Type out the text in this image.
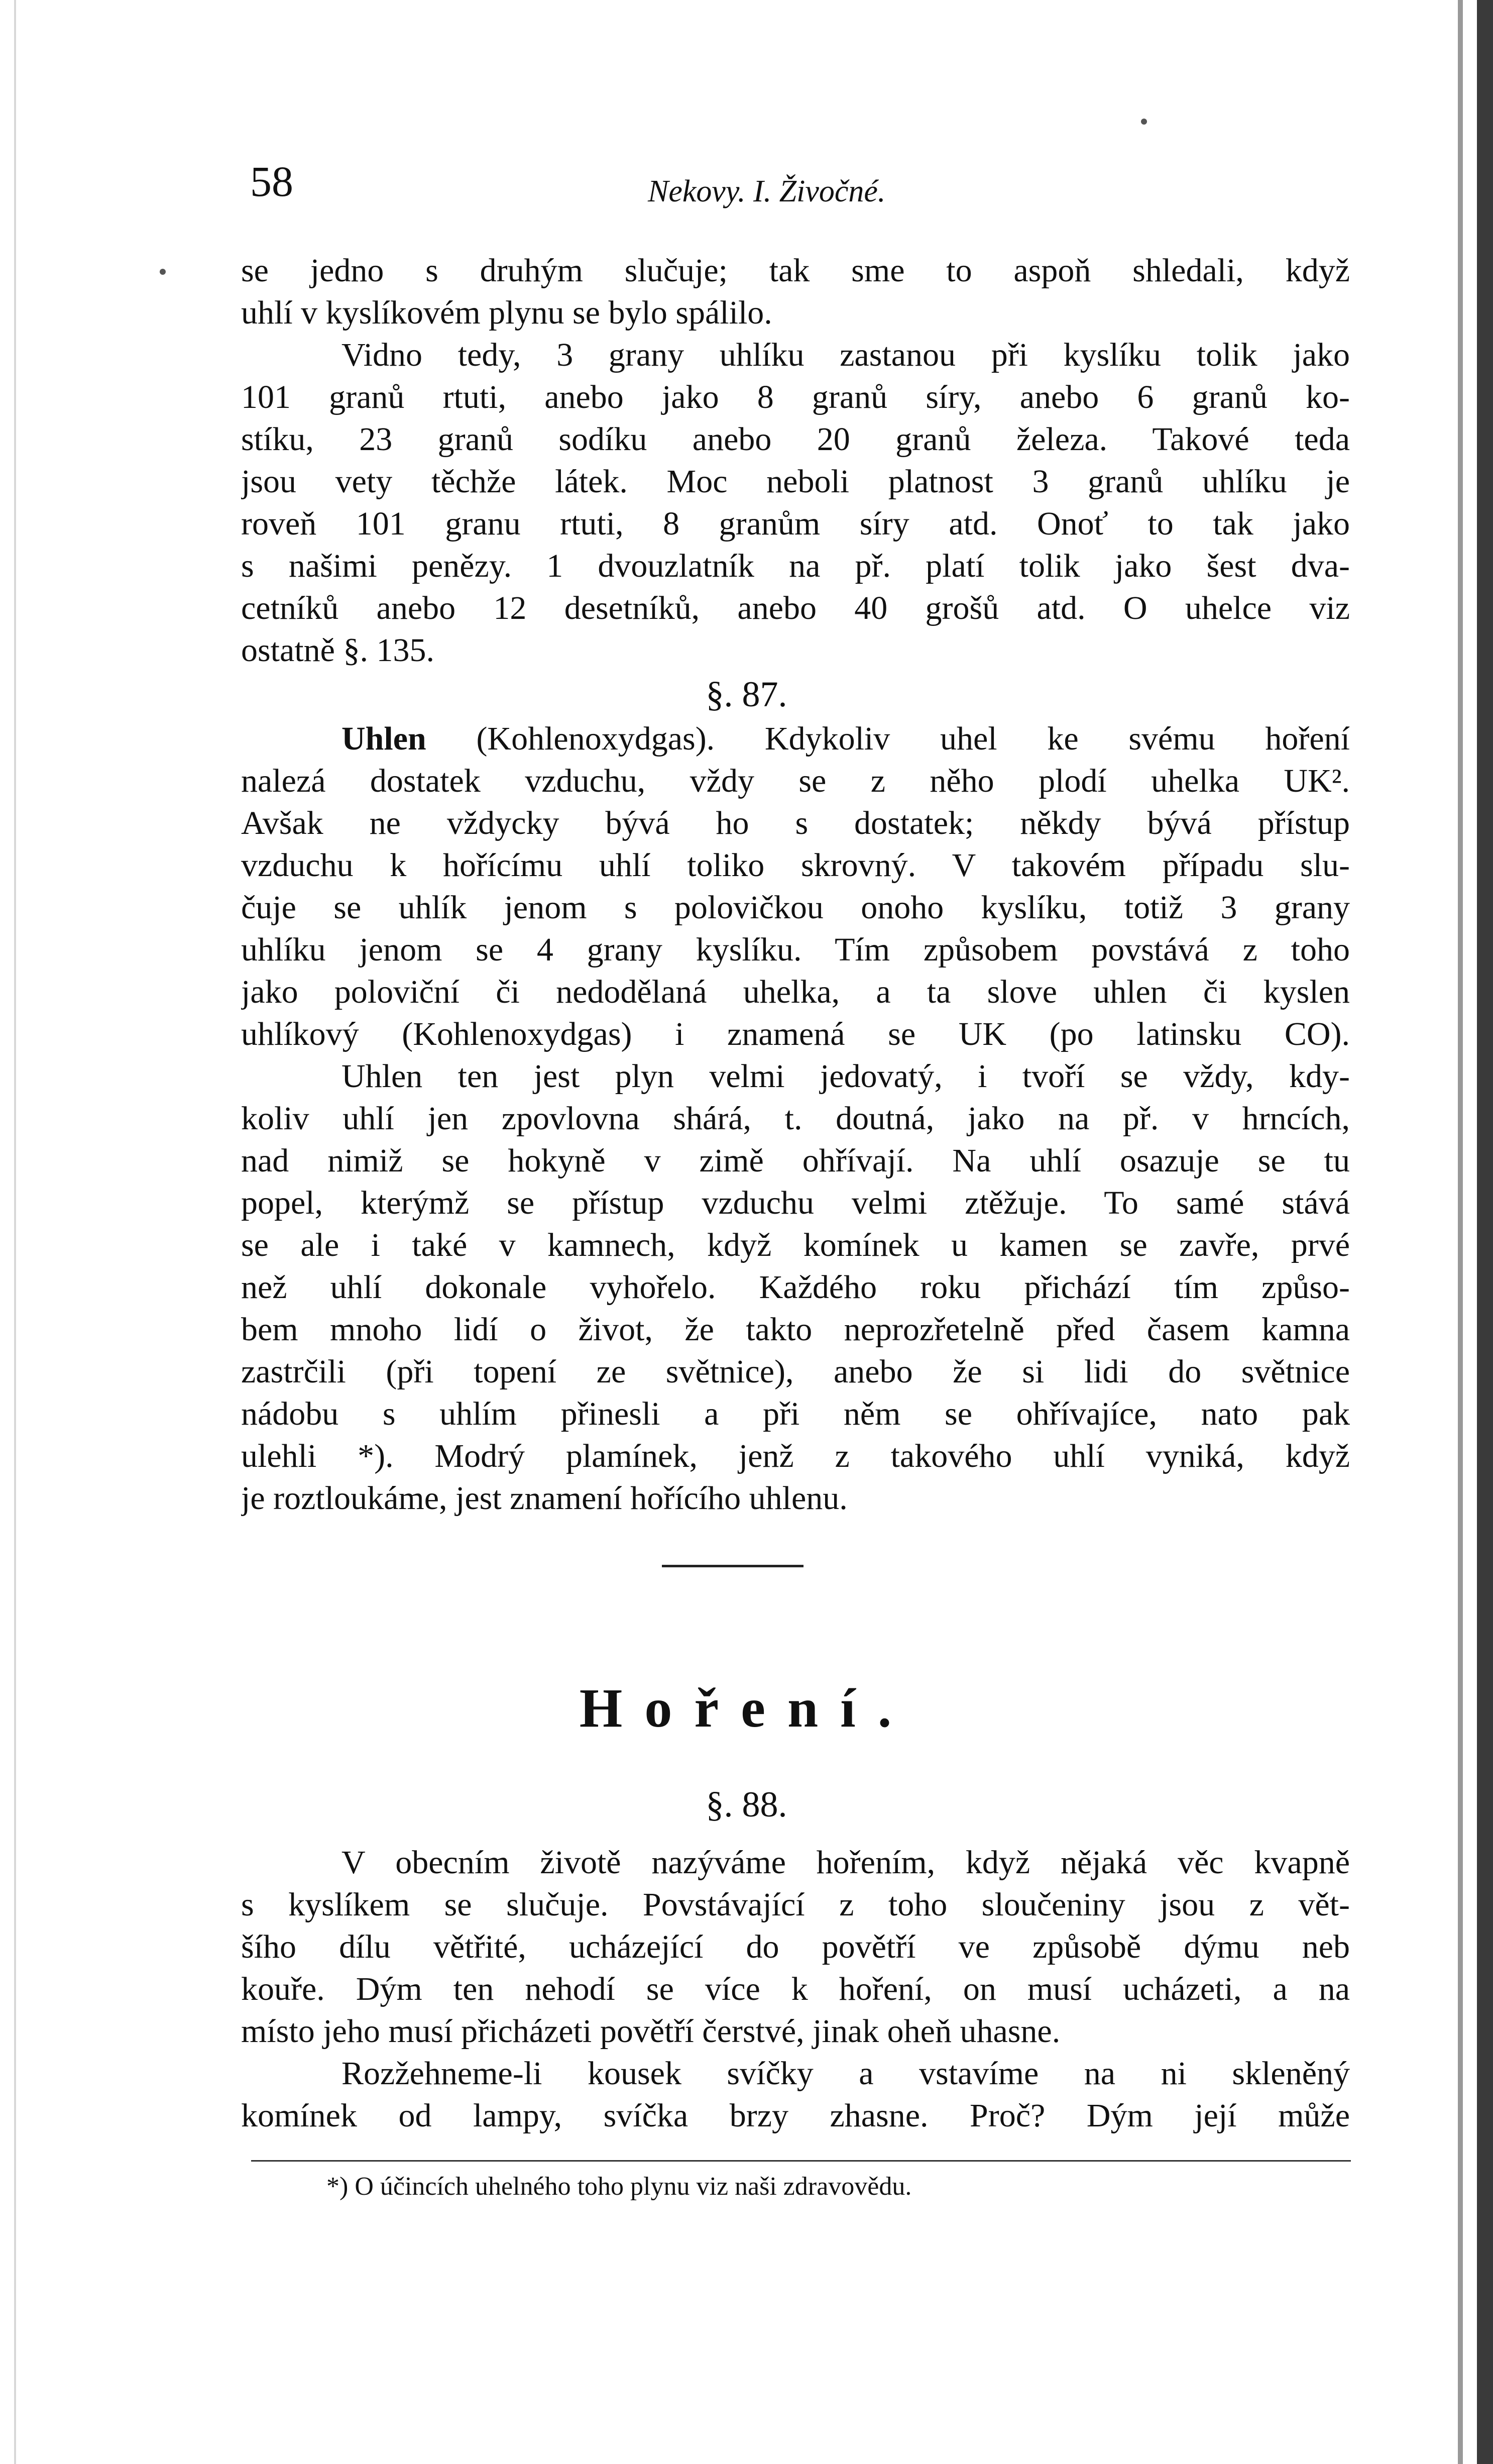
58	Nekovy. I. Živočné.
se jedno s druhým slučuje; tak sme to aspoň shledali, když
uhlí v kyslíkovém plynu se bylo spálilo.
Vidno tedy, 3 grany uhlíku zastanou při kyslíku tolik jako
101 granů rtuti, anebo jako 8 granů síry, anebo 6 granů ko-
stíku, 23 granů sodíku anebo 20 granů železa. Takové teda
jsou vety těchže látek. Moc neboli platnost 3 granů uhlíku je
roveň 101 granu rtuti, 8 granům síry atd. Onoť to tak jako
s našimi penězy. 1 dvouzlatník na př. platí tolik jako šest dva-
cetníků anebo 12 desetníků, anebo 40 grošů atd. O uhelce viz
ostatně §. 135.
§. 87.
Uhlen (Kohlenoxydgas). Kdykoliv uhel ke svému hoření
nalezá dostatek vzduchu, vždy se z něho plodí uhelka UK².
Avšak ne vždycky bývá ho s dostatek; někdy bývá přístup
vzduchu k hořícímu uhlí toliko skrovný. V takovém případu slu-
čuje se uhlík jenom s polovičkou onoho kyslíku, totiž 3 grany
uhlíku jenom se 4 grany kyslíku. Tím způsobem povstává z toho
jako poloviční či nedodělaná uhelka, a ta slove uhlen či kyslen
uhlíkový (Kohlenoxydgas) i znamená se UK (po latinsku CO).
Uhlen ten jest plyn velmi jedovatý, i tvoří se vždy, kdy-
koliv uhlí jen zpovlovna shárá, t. doutná, jako na př. v hrncích,
nad nimiž se hokyně v zimě ohřívají. Na uhlí osazuje se tu
popel, kterýmž se přístup vzduchu velmi ztěžuje. To samé stává
se ale i také v kamnech, když komínek u kamen se zavře, prvé
než uhlí dokonale vyhořelo. Každého roku přichází tím způso-
bem mnoho lidí o život, že takto neprozřetelně před časem kamna
zastrčili (při topení ze světnice), anebo že si lidi do světnice
nádobu s uhlím přinesli a při něm se ohřívajíce, nato pak
ulehli *). Modrý plamínek, jenž z takového uhlí vyniká, když
je roztloukáme, jest znamení hořícího uhlenu.
Hoření.
§. 88.
V obecním životě nazýváme hořením, když nějaká věc kvapně
s kyslíkem se slučuje. Povstávající z toho sloučeniny jsou z vět-
šího dílu větřité, ucházející do povětří ve způsobě dýmu neb
kouře. Dým ten nehodí se více k hoření, on musí ucházeti, a na
místo jeho musí přicházeti povětří čerstvé, jinak oheň uhasne.
Rozžehneme-li kousek svíčky a vstavíme na ni skleněný
komínek od lampy, svíčka brzy zhasne. Proč? Dým její může
*) O účincích uhelného toho plynu viz naši zdravovědu.
